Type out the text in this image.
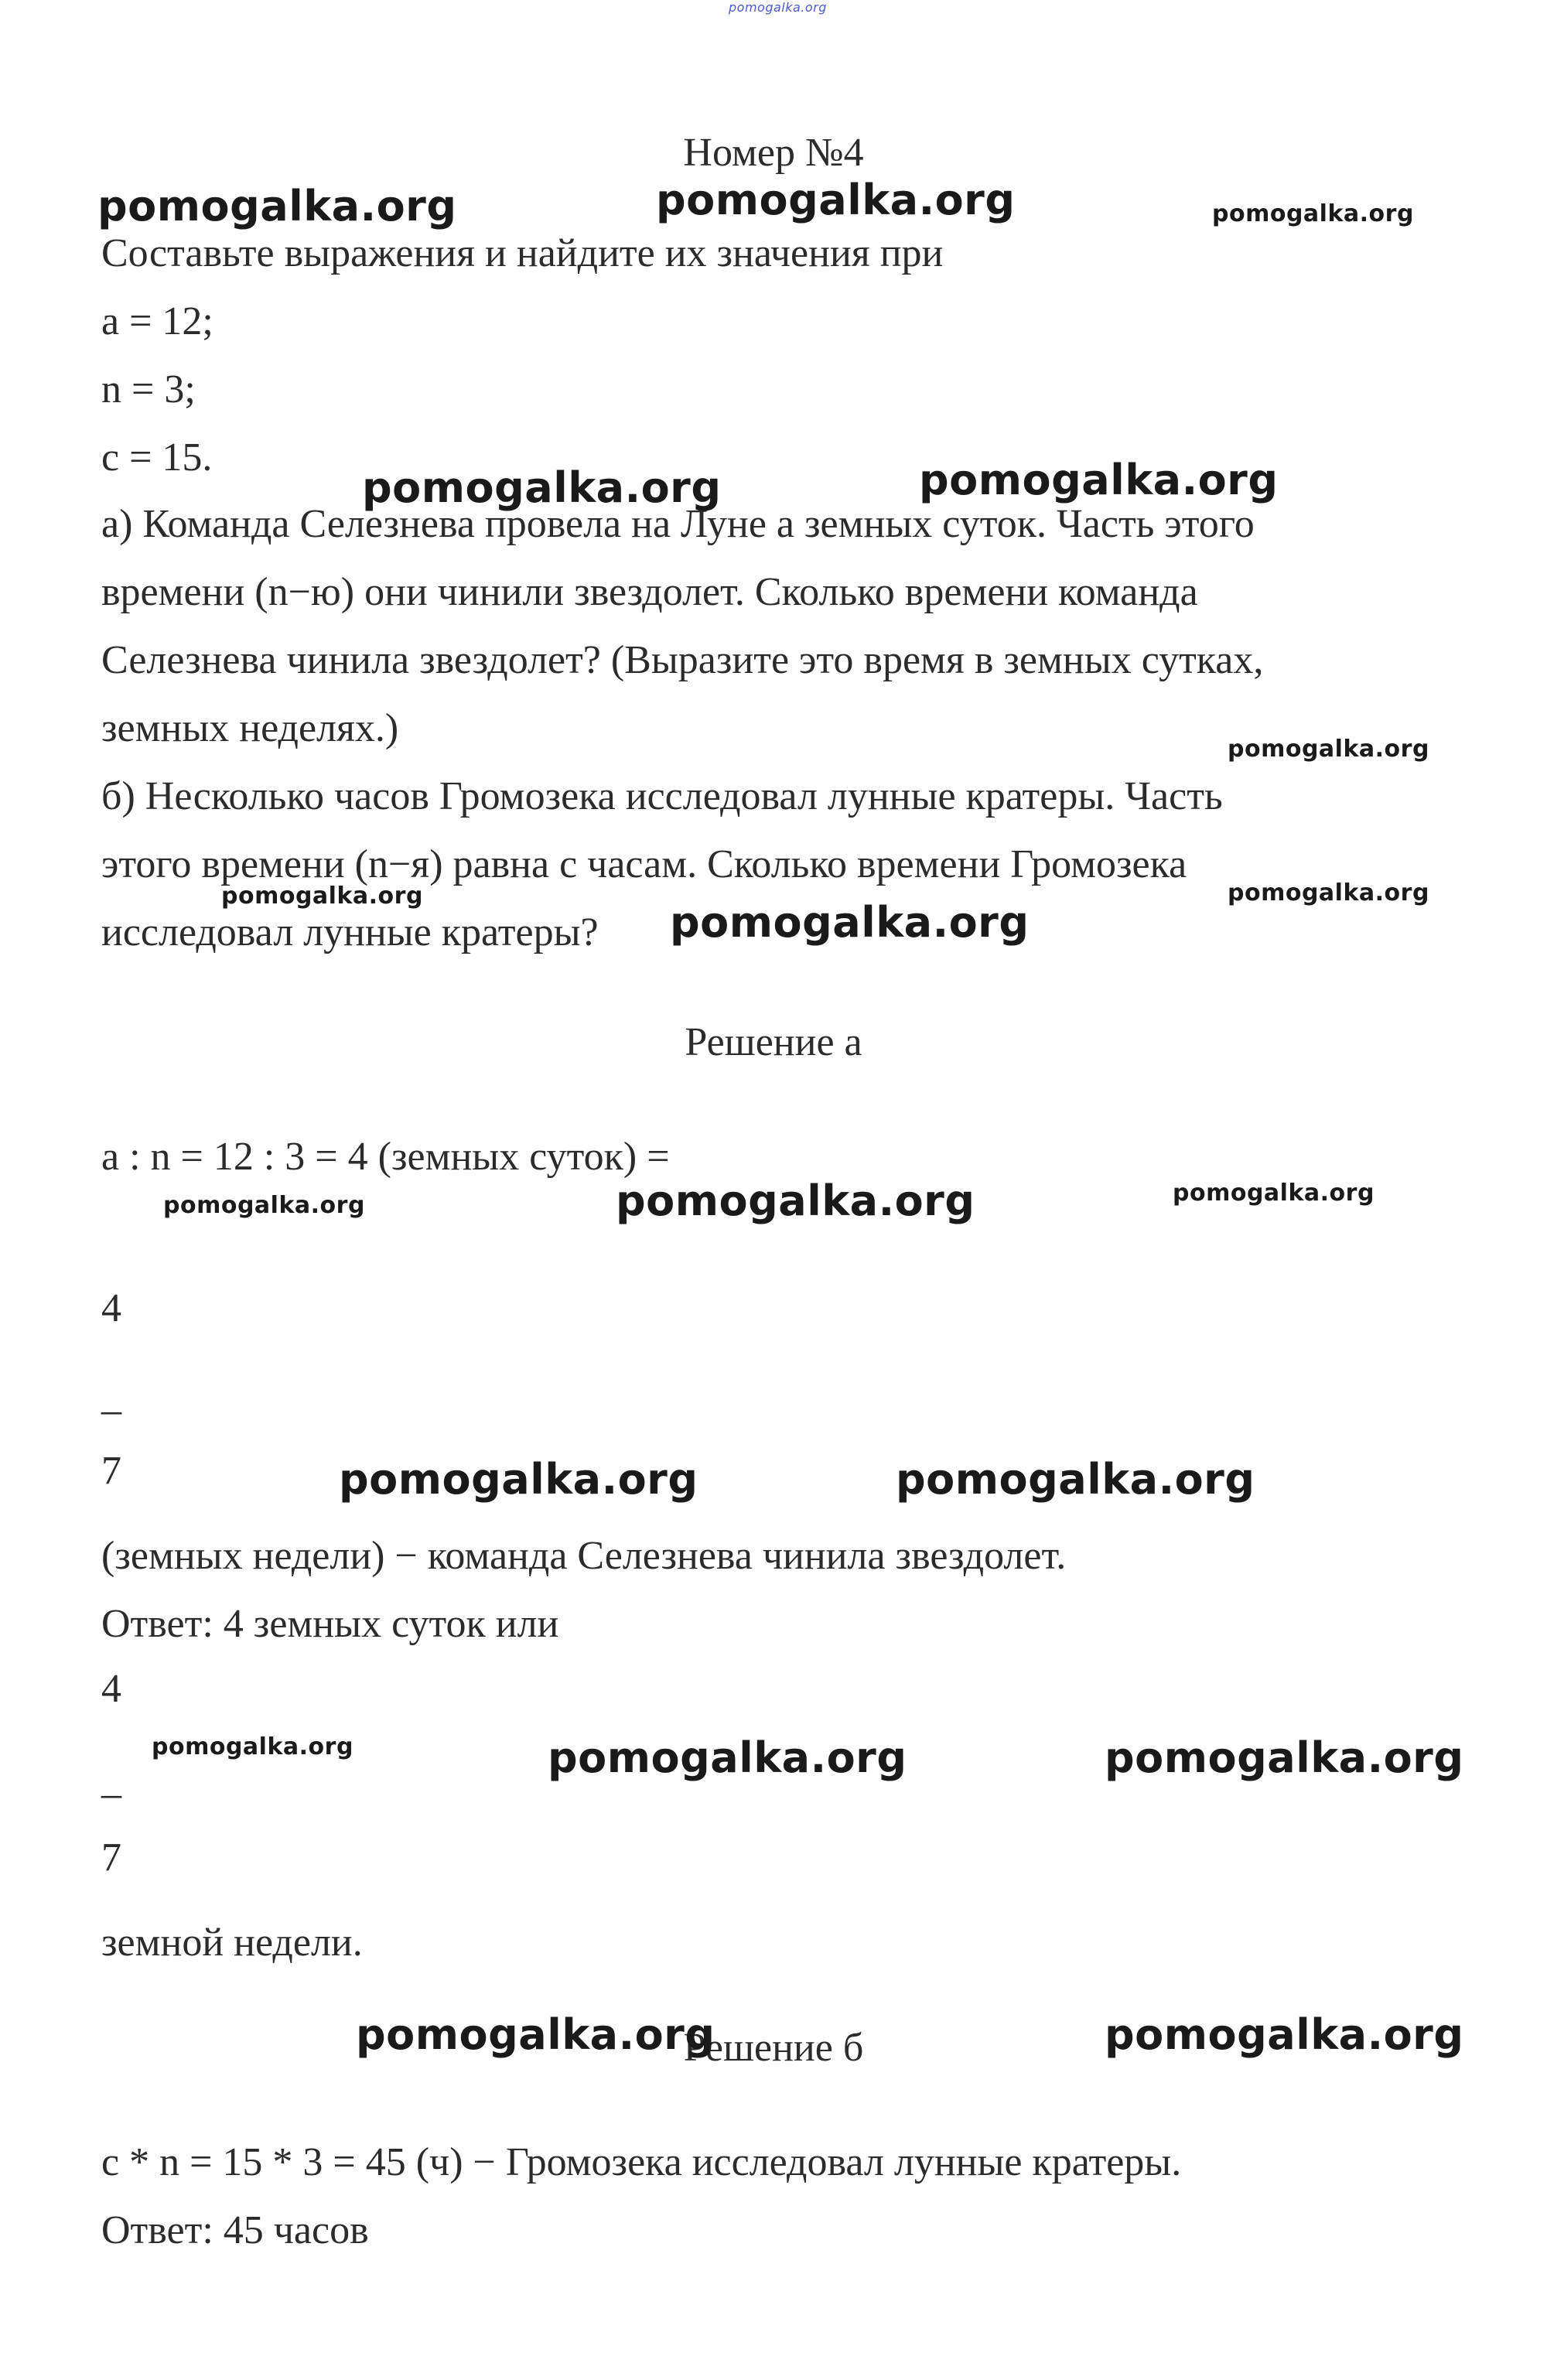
pomogalka.org
Номер №4
Составьте выражения и найдите их значения при
a = 12;
n = 3;
c = 15.
а) Команда Селезнева провела на Луне a земных суток. Часть этого
времени (n−ю) они чинили звездолет. Сколько времени команда
Селезнева чинила звездолет? (Выразите это время в земных сутках,
земных неделях.)
б) Несколько часов Громозека исследовал лунные кратеры. Часть
этого времени (n−я) равна с часам. Сколько времени Громозека
исследовал лунные кратеры?
Решение а
a : n = 12 : 3 = 4 (земных суток) =
4
_
7
(земных недели) − команда Селезнева чинила звездолет.
Ответ: 4 земных суток или
4
_
7
земной недели.
Решение б
c * n = 15 * 3 = 45 (ч) − Громозека исследовал лунные кратеры.
Ответ: 45 часов
pomogalka.org	pomogalka.org	pomogalka.org
pomogalka.org	pomogalka.org
pomogalka.org
pomogalka.org	pomogalka.org
pomogalka.org
pomogalka.org	pomogalka.org	pomogalka.org
pomogalka.org	pomogalka.org
pomogalka.org	pomogalka.org	pomogalka.org
pomogalka.org	pomogalka.org
